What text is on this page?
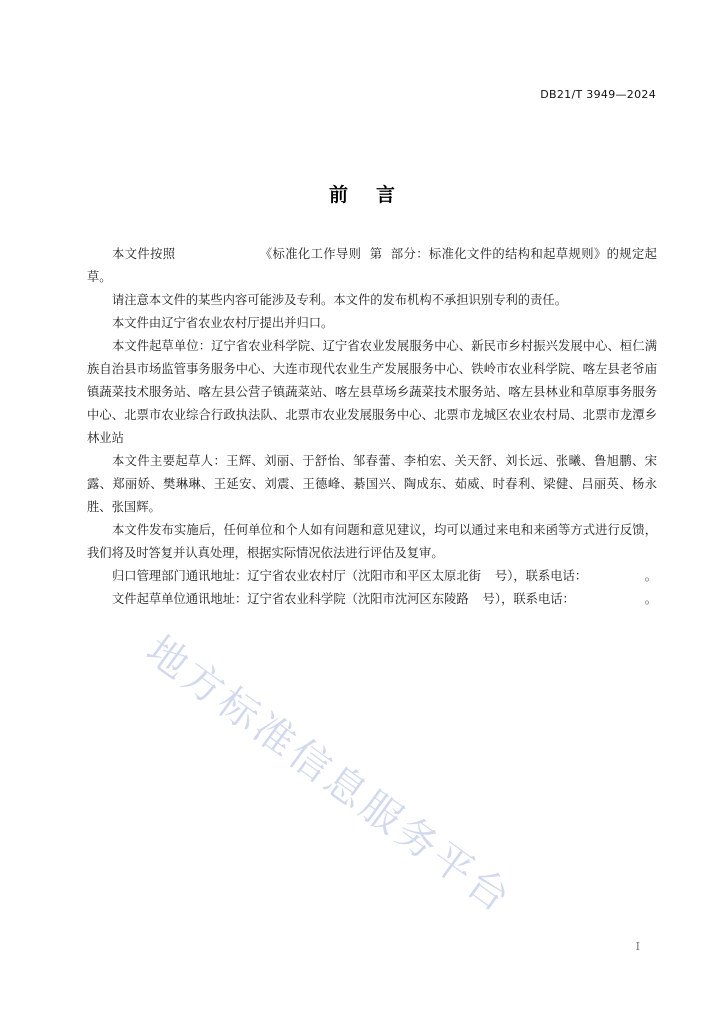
DB21/T 3949—2024
前言

本文件按照	《标准化工作导则 第 部分：标准化文件的结构和起草规则》的规定起草。

请注意本文件的某些内容可能涉及专利。本文件的发布机构不承担识别专利的责任。

本文件由辽宁省农业农村厅提出并归口。

本文件起草单位：辽宁省农业科学院、辽宁省农业发展服务中心、新民市乡村振兴发展中心、桓仁满族自治县市场监管事务服务中心、大连市现代农业生产发展服务中心、铁岭市农业科学院、喀左县老爷庙镇蔬菜技术服务站、喀左县公营子镇蔬菜站、喀左县草场乡蔬菜技术服务站、喀左县林业和草原事务服务中心、北票市农业综合行政执法队、北票市农业发展服务中心、北票市龙城区农业农村局、北票市龙潭乡林业站

本文件主要起草人：王辉、刘丽、于舒怡、邹春蕾、李柏宏、关天舒、刘长远、张曦、鲁旭鹏、宋露、郑丽娇、樊琳琳、王延安、刘震、王德峰、綦国兴、陶成东、茹威、时春利、梁健、吕丽英、杨永胜、张国辉。

本文件发布实施后，任何单位和个人如有问题和意见建议，均可以通过来电和来函等方式进行反馈，我们将及时答复并认真处理，根据实际情况依法进行评估及复审。

归口管理部门通讯地址：辽宁省农业农村厅（沈阳市和平区太原北街 号），联系电话：	。

文件起草单位通讯地址：辽宁省农业科学院（沈阳市沈河区东陵路 号），联系电话：	。

地方标准信息服务平台
I
